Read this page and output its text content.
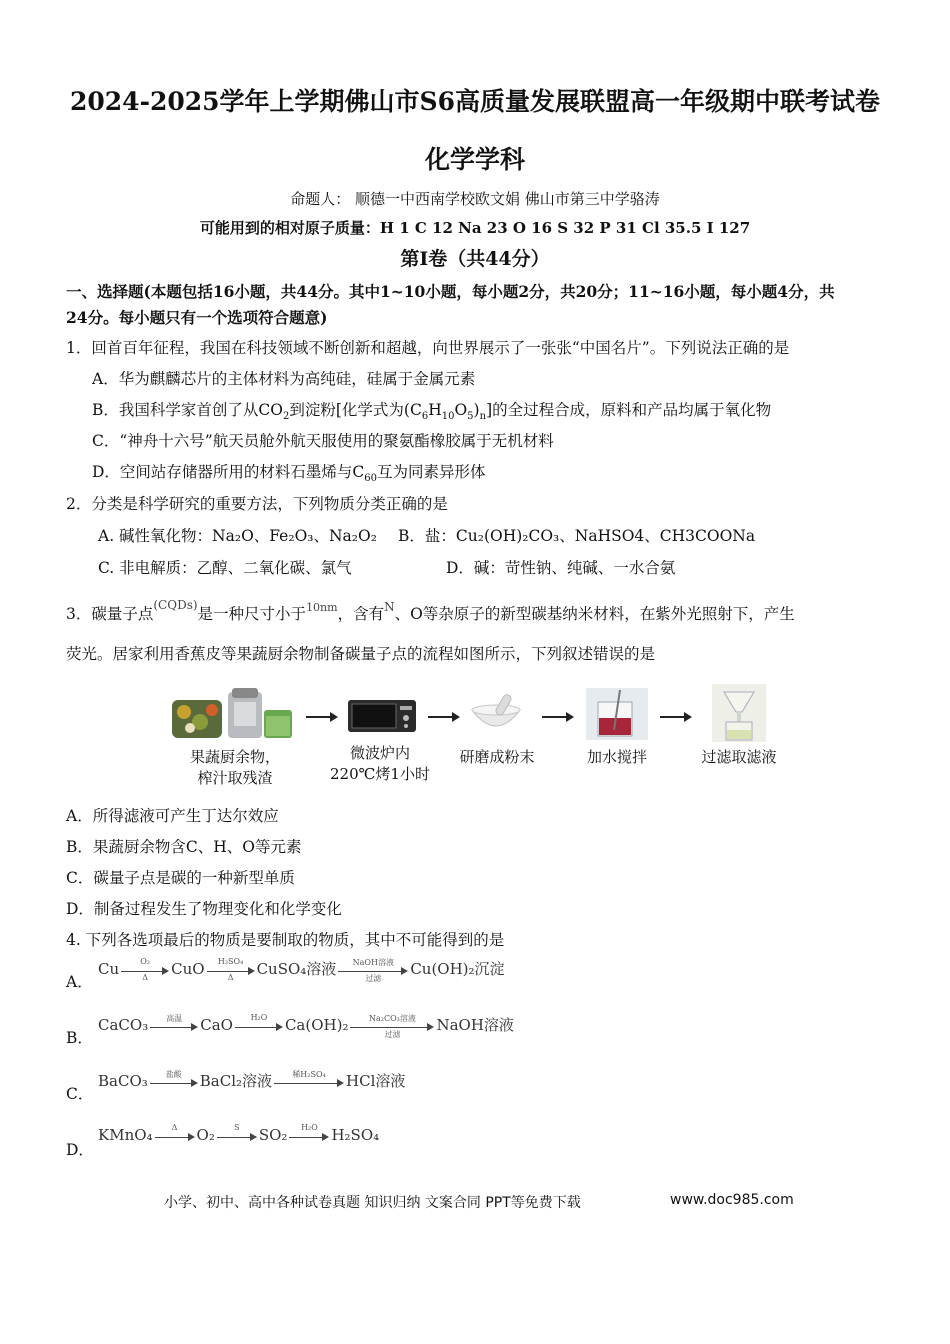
2024-2025学年上学期佛山市S6高质量发展联盟高一年级期中联考试卷
化学学科
命题人： 顺德一中西南学校欧文娟 佛山市第三中学骆涛
可能用到的相对原子质量：H 1 C 12 Na 23 O 16 S 32 P 31 Cl 35.5 I 127
第I卷（共44分）
一、选择题(本题包括16小题，共44分。其中1~10小题，每小题2分，共20分；11~16小题，每小题4分，共
24分。每小题只有一个选项符合题意)
1．回首百年征程，我国在科技领域不断创新和超越，向世界展示了一张张“中国名片”。下列说法正确的是
A．华为麒麟芯片的主体材料为高纯硅，硅属于金属元素
B．我国科学家首创了从$CO_2$到淀粉[化学式为$(C_6H_{10}O_5)_n$]的全过程合成，原料和产品均属于氧化物
C．“神舟十六号”航天员舱外航天服使用的聚氨酯橡胶属于无机材料
D．空间站存储器所用的材料石墨烯与$C_{60}$互为同素异形体
2．分类是科学研究的重要方法，下列物质分类正确的是
A. 碱性氧化物：Na₂O、Fe₂O₃、Na₂O₂ B．盐：Cu₂(OH)₂CO₃、NaHSO4、CH3COONa
C. 非电解质：乙醇、二氧化碳、氯气	D．碱：苛性钠、纯碱、一水合氨
3．碳量子点$^{(CQDs)}$是一种尺寸小于$^{10nm}$，含有$^N$、O等杂原子的新型碳基纳米材料，在紫外光照射下，产生
荧光。居家利用香蕉皮等果蔬厨余物制备碳量子点的流程如图所示，下列叙述错误的是
果蔬厨余物，
榨汁取残渣
微波炉内
220℃烤1小时
研磨成粉末	加水搅拌	过滤取滤液
A．所得滤液可产生丁达尔效应
B．果蔬厨余物含C、H、O等元素
C．碳量子点是碳的一种新型单质
D．制备过程发生了物理变化和化学变化
4. 下列各选项最后的物质是要制取的物质，其中不可能得到的是
A．
Cu $\frac{\text{O₂}}{\Delta}$ CuO $\frac{\text{H₂SO₄}}{\Delta}$ CuSO₄溶液	NaOH溶液
过滤
Cu(OH)₂沉淀
B．
CaCO₃	高温	CaO	H₂O	Ca(OH)₂	Na₂CO₃溶液
过滤
NaOH溶液
C．
BaCO₃	盐酸	BaCl₂溶液	稀H₂SO₄	HCl溶液
D．
KMnO₄	Δ	O₂	S	SO₂	H₂O H₂SO₄
小学、初中、高中各种试卷真题 知识归纳 文案合同 PPT等免费下载	www.doc985.com
